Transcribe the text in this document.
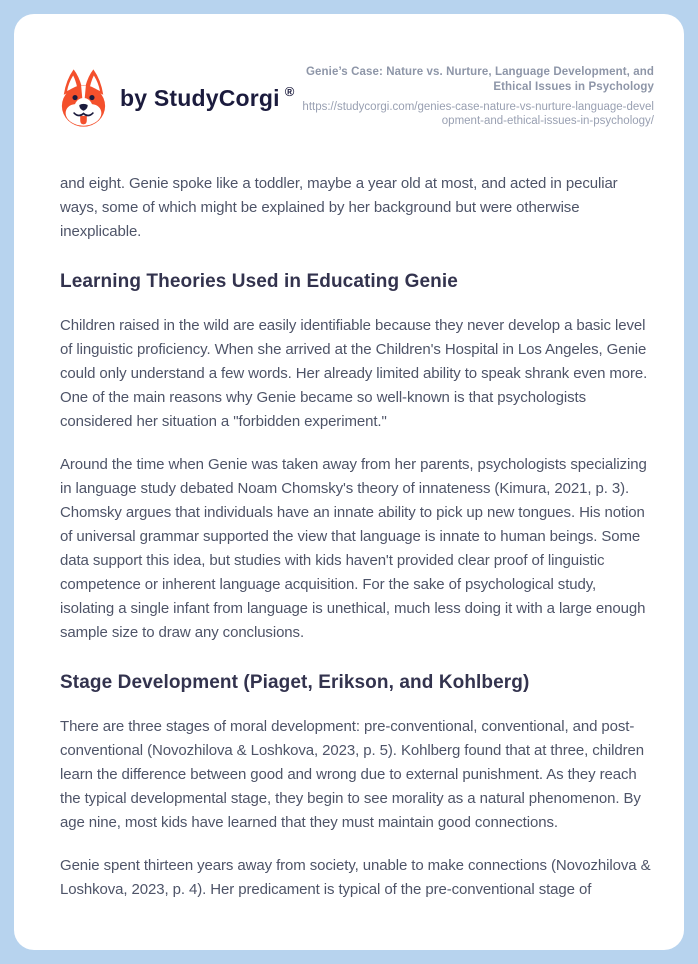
by StudyCorgi ®
Genie’s Case: Nature vs. Nurture, Language Development, and Ethical Issues in Psychology
https://studycorgi.com/genies-case-nature-vs-nurture-language-development-and-ethical-issues-in-psychology/

and eight. Genie spoke like a toddler, maybe a year old at most, and acted in peculiar ways, some of which might be explained by her background but were otherwise inexplicable.

Learning Theories Used in Educating Genie

Children raised in the wild are easily identifiable because they never develop a basic level of linguistic proficiency. When she arrived at the Children's Hospital in Los Angeles, Genie could only understand a few words. Her already limited ability to speak shrank even more. One of the main reasons why Genie became so well-known is that psychologists considered her situation a "forbidden experiment."

Around the time when Genie was taken away from her parents, psychologists specializing in language study debated Noam Chomsky's theory of innateness (Kimura, 2021, p. 3). Chomsky argues that individuals have an innate ability to pick up new tongues. His notion of universal grammar supported the view that language is innate to human beings. Some data support this idea, but studies with kids haven't provided clear proof of linguistic competence or inherent language acquisition. For the sake of psychological study, isolating a single infant from language is unethical, much less doing it with a large enough sample size to draw any conclusions.

Stage Development (Piaget, Erikson, and Kohlberg)

There are three stages of moral development: pre-conventional, conventional, and post-conventional (Novozhilova & Loshkova, 2023, p. 5). Kohlberg found that at three, children learn the difference between good and wrong due to external punishment. As they reach the typical developmental stage, they begin to see morality as a natural phenomenon. By age nine, most kids have learned that they must maintain good connections.

Genie spent thirteen years away from society, unable to make connections (Novozhilova & Loshkova, 2023, p. 4). Her predicament is typical of the pre-conventional stage of
